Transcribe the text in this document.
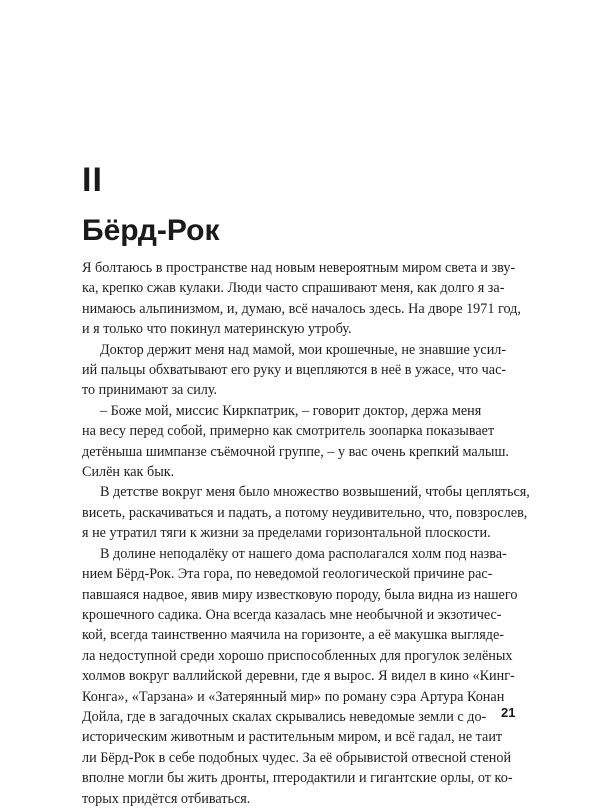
II
Бёрд-Рок
Я болтаюсь в пространстве над новым невероятным миром света и зву-
ка, крепко сжав кулаки. Люди часто спрашивают меня, как долго я за-
нимаюсь альпинизмом, и, думаю, всё началось здесь. На дворе 1971 год,
и я только что покинул материнскую утробу.
Доктор держит меня над мамой, мои крошечные, не знавшие усил-
ий пальцы обхватывают его руку и вцепляются в неё в ужасе, что час-
то принимают за силу.
– Боже мой, миссис Киркпатрик, – говорит доктор, держа меня
на весу перед собой, примерно как смотритель зоопарка показывает
детёныша шимпанзе съёмочной группе, – у вас очень крепкий малыш.
Силён как бык.
В детстве вокруг меня было множество возвышений, чтобы цепляться,
висеть, раскачиваться и падать, а потому неудивительно, что, повзрослев,
я не утратил тяги к жизни за пределами горизонтальной плоскости.
В долине неподалёку от нашего дома располагался холм под назва-
нием Бёрд-Рок. Эта гора, по неведомой геологической причине рас-
павшаяся надвое, явив миру известковую породу, была видна из нашего
крошечного садика. Она всегда казалась мне необычной и экзотичес-
кой, всегда таинственно маячила на горизонте, а её макушка выгляде-
ла недоступной среди хорошо приспособленных для прогулок зелёных
холмов вокруг валлийской деревни, где я вырос. Я видел в кино «Кинг-
Конга», «Тарзана» и «Затерянный мир» по роману сэра Артура Конан
Дойла, где в загадочных скалах скрывались неведомые земли с до-
историческим животным и растительным миром, и всё гадал, не таит
ли Бёрд-Рок в себе подобных чудес. За её обрывистой отвесной стеной
вполне могли бы жить дронты, птеродактили и гигантские орлы, от ко-
торых придётся отбиваться.
21
